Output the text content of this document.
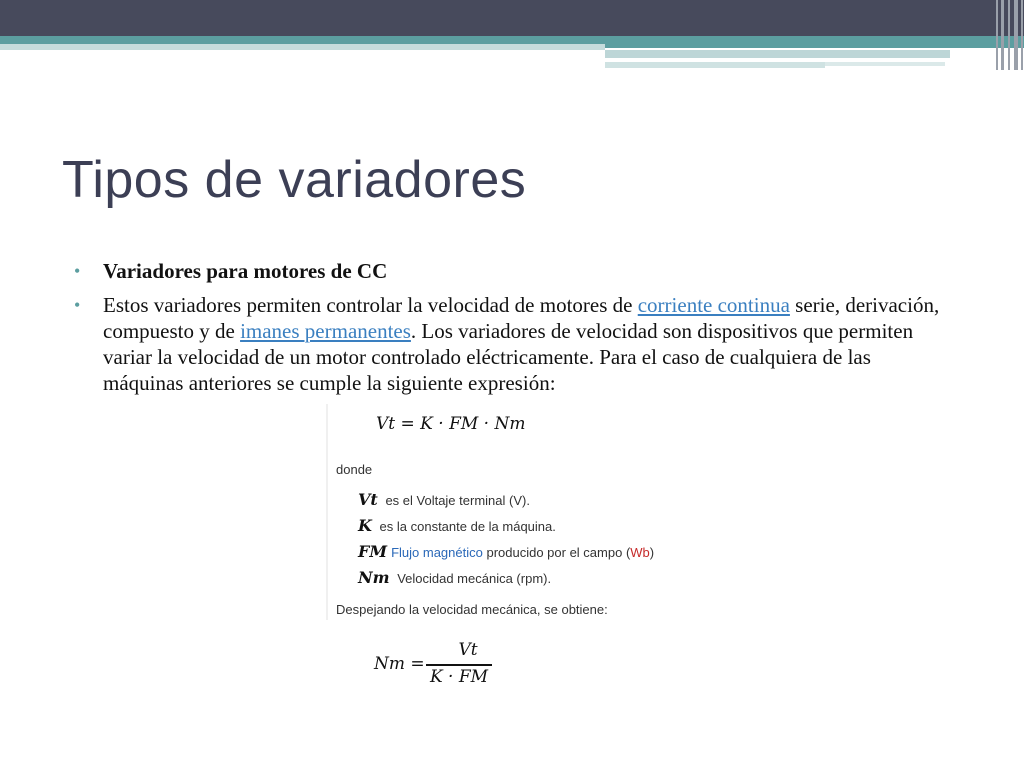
Tipos de variadores
• Variadores para motores de CC
• Estos variadores permiten controlar la velocidad de motores de corriente continua serie, derivación, compuesto y de imanes permanentes. Los variadores de velocidad son dispositivos que permiten variar la velocidad de un motor controlado eléctricamente. Para el caso de cualquiera de las máquinas anteriores se cumple la siguiente expresión:
Vt = K · FM · Nm
donde
Vt es el Voltaje terminal (V).
K es la constante de la máquina.
FM Flujo magnético producido por el campo (Wb)
Nm Velocidad mecánica (rpm).
Despejando la velocidad mecánica, se obtiene:
Nm =
Vt
K · FM
